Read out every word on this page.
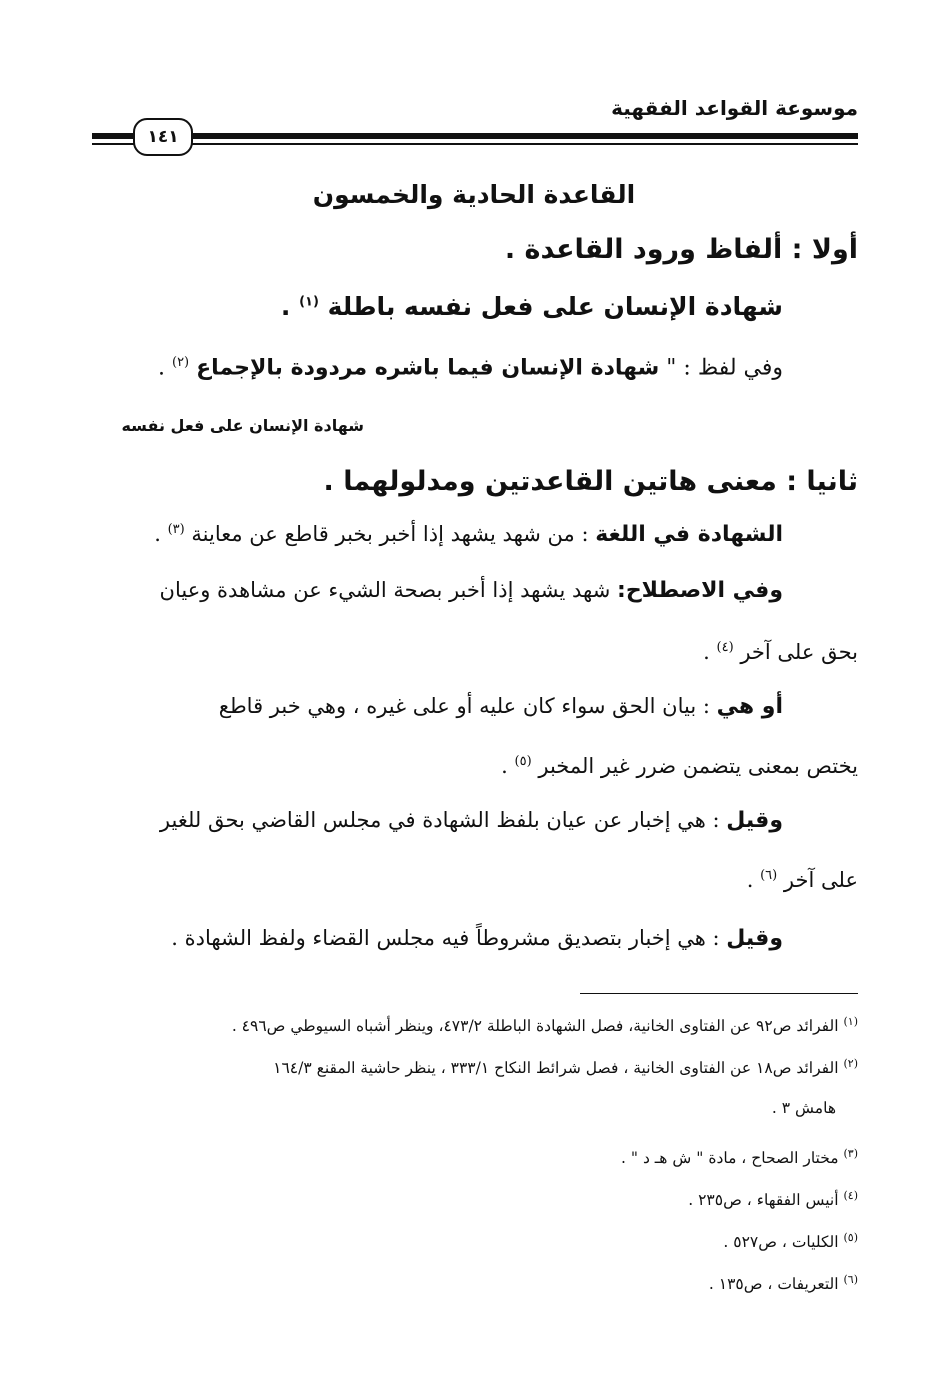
موسوعة القواعد الفقهية
١٤١
القاعدة الحادية والخمسون
أولا : ألفاظ ورود القاعدة .
شهادة الإنسان على فعل نفسه باطلة $^{(١)}$ .
وفي لفظ : " شهادة الإنسان فيما باشره مردودة بالإجماع $^{(٢)}$ .
شهادة الإنسان على فعل نفسه
ثانيا : معنى هاتين القاعدتين ومدلولهما .
الشهادة في اللغة : من شهد يشهد إذا أخبر بخبر قاطع عن معاينة $^{(٣)}$ .
وفي الاصطلاح: شهد يشهد إذا أخبر بصحة الشيء عن مشاهدة وعيان
بحق على آخر $^{(٤)}$ .
أو هي : بيان الحق سواء كان عليه أو على غيره ، وهي خبر قاطع
يختص بمعنى يتضمن ضرر غير المخبر $^{(٥)}$ .
وقيل : هي إخبار عن عيان بلفظ الشهادة في مجلس القاضي بحق للغير
على آخر $^{(٦)}$ .
وقيل : هي إخبار بتصديق مشروطاً فيه مجلس القضاء ولفظ الشهادة .
$^{(١)}$ الفرائد ص٩٢ عن الفتاوى الخانية، فصل الشهادة الباطلة ٤٧٣/٢، وينظر أشباه السيوطي ص٤٩٦ .
$^{(٢)}$ الفرائد ص١٨ عن الفتاوى الخانية ، فصل شرائط النكاح ٣٣٣/١ ، ينظر حاشية المقنع ١٦٤/٣
هامش ٣ .
$^{(٣)}$ مختار الصحاح ، مادة " ش هـ د " .
$^{(٤)}$ أنيس الفقهاء ، ص٢٣٥ .
$^{(٥)}$ الكليات ، ص٥٢٧ .
$^{(٦)}$ التعريفات ، ص١٣٥ .
